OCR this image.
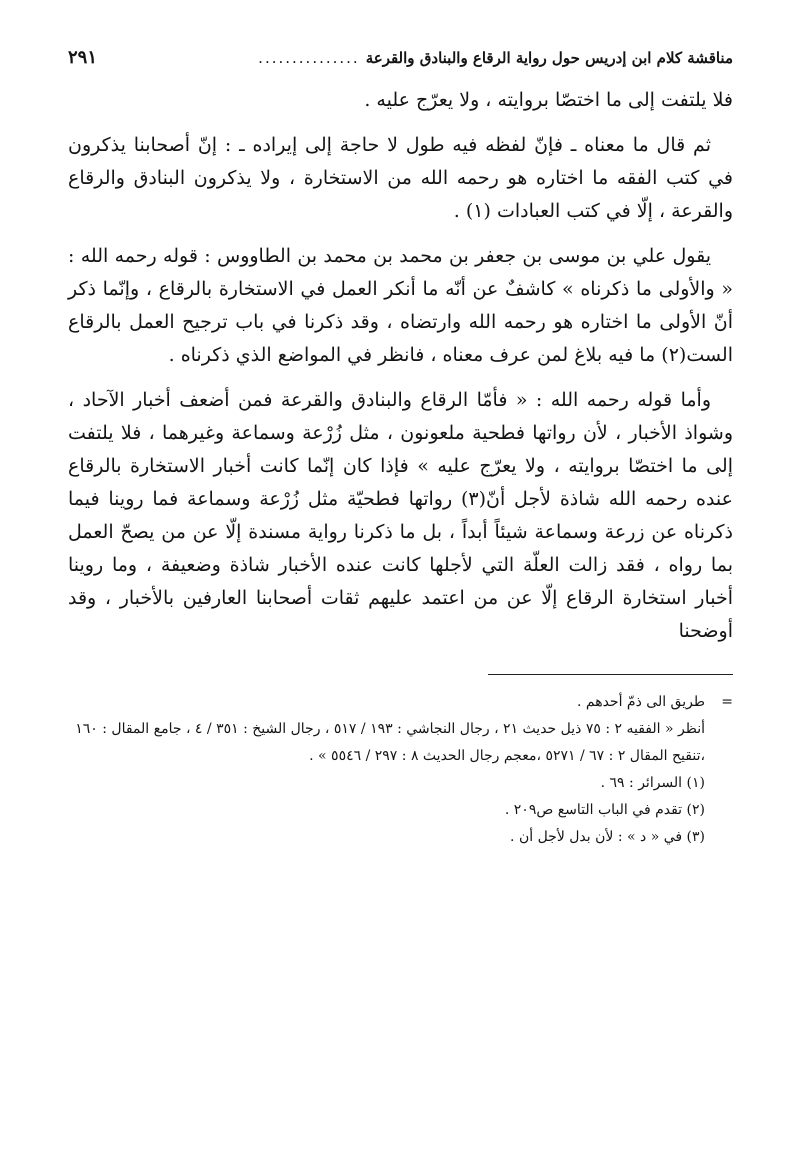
مناقشة كلام ابن إدريس حول رواية الرقاع والبنادق والقرعة
...............
٢٩١

فلا يلتفت إلى ما اختصّا بروايته ، ولا يعرّج عليه .

ثم قال ما معناه ـ فإنّ لفظه فيه طول لا حاجة إلى إيراده ـ : إنّ أصحابنا يذكرون في كتب الفقه ما اختاره هو رحمه الله من الاستخارة ، ولا يذكرون البنادق والرقاع والقرعة ، إلّا في كتب العبادات (١) .

يقول علي بن موسى بن جعفر بن محمد بن محمد بن الطاووس : قوله رحمه الله : « والأولى ما ذكرناه » كاشفٌ عن أنّه ما أنكر العمل في الاستخارة بالرقاع ، وإنّما ذكر أنّ الأولى ما اختاره هو رحمه الله وارتضاه ، وقد ذكرنا في باب ترجيح العمل بالرقاع الست(٢) ما فيه بلاغ لمن عرف معناه ، فانظر في المواضع الذي ذكرناه .

وأما قوله رحمه الله : « فأمّا الرقاع والبنادق والقرعة فمن أضعف أخبار الآحاد ، وشواذ الأخبار ، لأن رواتها فطحية ملعونون ، مثل زُرْعة وسماعة وغيرهما ، فلا يلتفت إلى ما اختصّا بروايته ، ولا يعرّج عليه » فإذا كان إنّما كانت أخبار الاستخارة بالرقاع عنده رحمه الله شاذة لأجل أنّ(٣) رواتها فطحيّة مثل زُرْعة وسماعة فما روينا فيما ذكرناه عن زرعة وسماعة شيئاً أبداً ، بل ما ذكرنا رواية مسندة إلّا عن من يصحّ العمل بما رواه ، فقد زالت العلّة التي لأجلها كانت عنده الأخبار شاذة وضعيفة ، وما روينا أخبار استخارة الرقاع إلّا عن من اعتمد عليهم ثقات أصحابنا العارفين بالأخبار ، وقد أوضحنا

=طريق الى ذمّ أحدهم .
أنظر « الفقيه ٢ : ٧٥ ذيل حديث ٢١ ، رجال النجاشي : ١٩٣ / ٥١٧ ، رجال الشيخ : ٣٥١ / ٤ ، جامع المقال : ١٦٠ ،تنقيح المقال ٢ : ٦٧ / ٥٢٧١ ،معجم رجال الحديث ٨ : ٢٩٧ / ٥٥٤٦ » .
(١) السرائر : ٦٩ .
(٢) تقدم في الباب التاسع ص٢٠٩ .
(٣) في « د » : لأن بدل لأجل أن .
